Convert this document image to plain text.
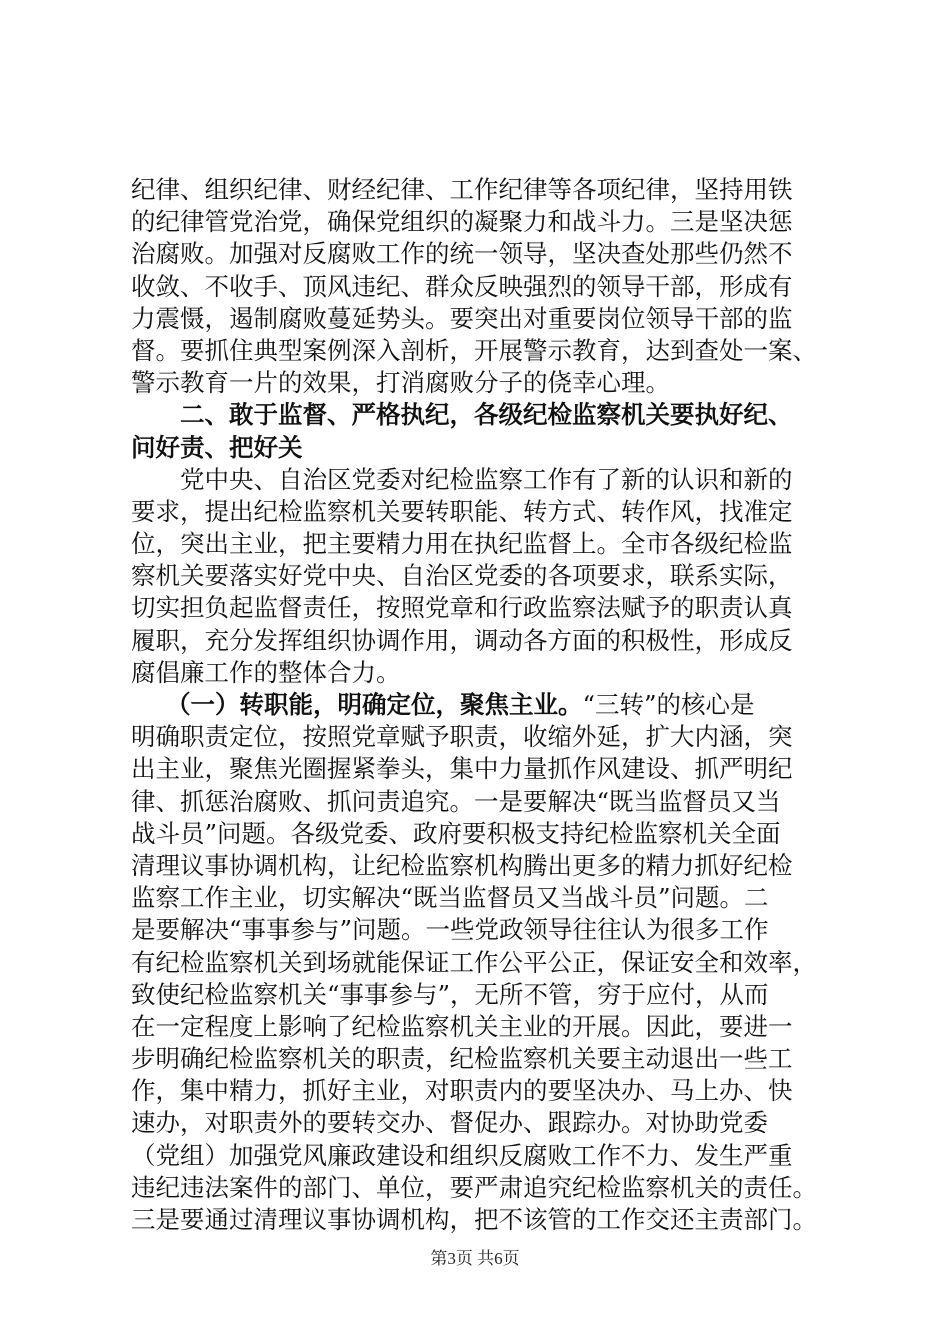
纪律、组织纪律、财经纪律、工作纪律等各项纪律，坚持用铁
的纪律管党治党，确保党组织的凝聚力和战斗力。三是坚决惩
治腐败。加强对反腐败工作的统一领导，坚决查处那些仍然不
收敛、不收手、顶风违纪、群众反映强烈的领导干部，形成有
力震慑，遏制腐败蔓延势头。要突出对重要岗位领导干部的监
督。要抓住典型案例深入剖析，开展警示教育，达到查处一案、
警示教育一片的效果，打消腐败分子的侥幸心理。
二、敢于监督、严格执纪，各级纪检监察机关要执好纪、
问好责、把好关
党中央、自治区党委对纪检监察工作有了新的认识和新的
要求，提出纪检监察机关要转职能、转方式、转作风，找准定
位，突出主业，把主要精力用在执纪监督上。全市各级纪检监
察机关要落实好党中央、自治区党委的各项要求，联系实际，
切实担负起监督责任，按照党章和行政监察法赋予的职责认真
履职，充分发挥组织协调作用，调动各方面的积极性，形成反
腐倡廉工作的整体合力。
（一）转职能，明确定位，聚焦主业。“三转”的核心是
明确职责定位，按照党章赋予职责，收缩外延，扩大内涵，突
出主业，聚焦光圈握紧拳头，集中力量抓作风建设、抓严明纪
律、抓惩治腐败、抓问责追究。一是要解决“既当监督员又当
战斗员”问题。各级党委、政府要积极支持纪检监察机关全面
清理议事协调机构，让纪检监察机构腾出更多的精力抓好纪检
监察工作主业，切实解决“既当监督员又当战斗员”问题。二
是要解决“事事参与”问题。一些党政领导往往认为很多工作
有纪检监察机关到场就能保证工作公平公正，保证安全和效率，
致使纪检监察机关“事事参与”，无所不管，穷于应付，从而
在一定程度上影响了纪检监察机关主业的开展。因此，要进一
步明确纪检监察机关的职责，纪检监察机关要主动退出一些工
作，集中精力，抓好主业，对职责内的要坚决办、马上办、快
速办，对职责外的要转交办、督促办、跟踪办。对协助党委
（党组）加强党风廉政建设和组织反腐败工作不力、发生严重
违纪违法案件的部门、单位，要严肃追究纪检监察机关的责任。
三是要通过清理议事协调机构，把不该管的工作交还主责部门。
第3页 共6页
